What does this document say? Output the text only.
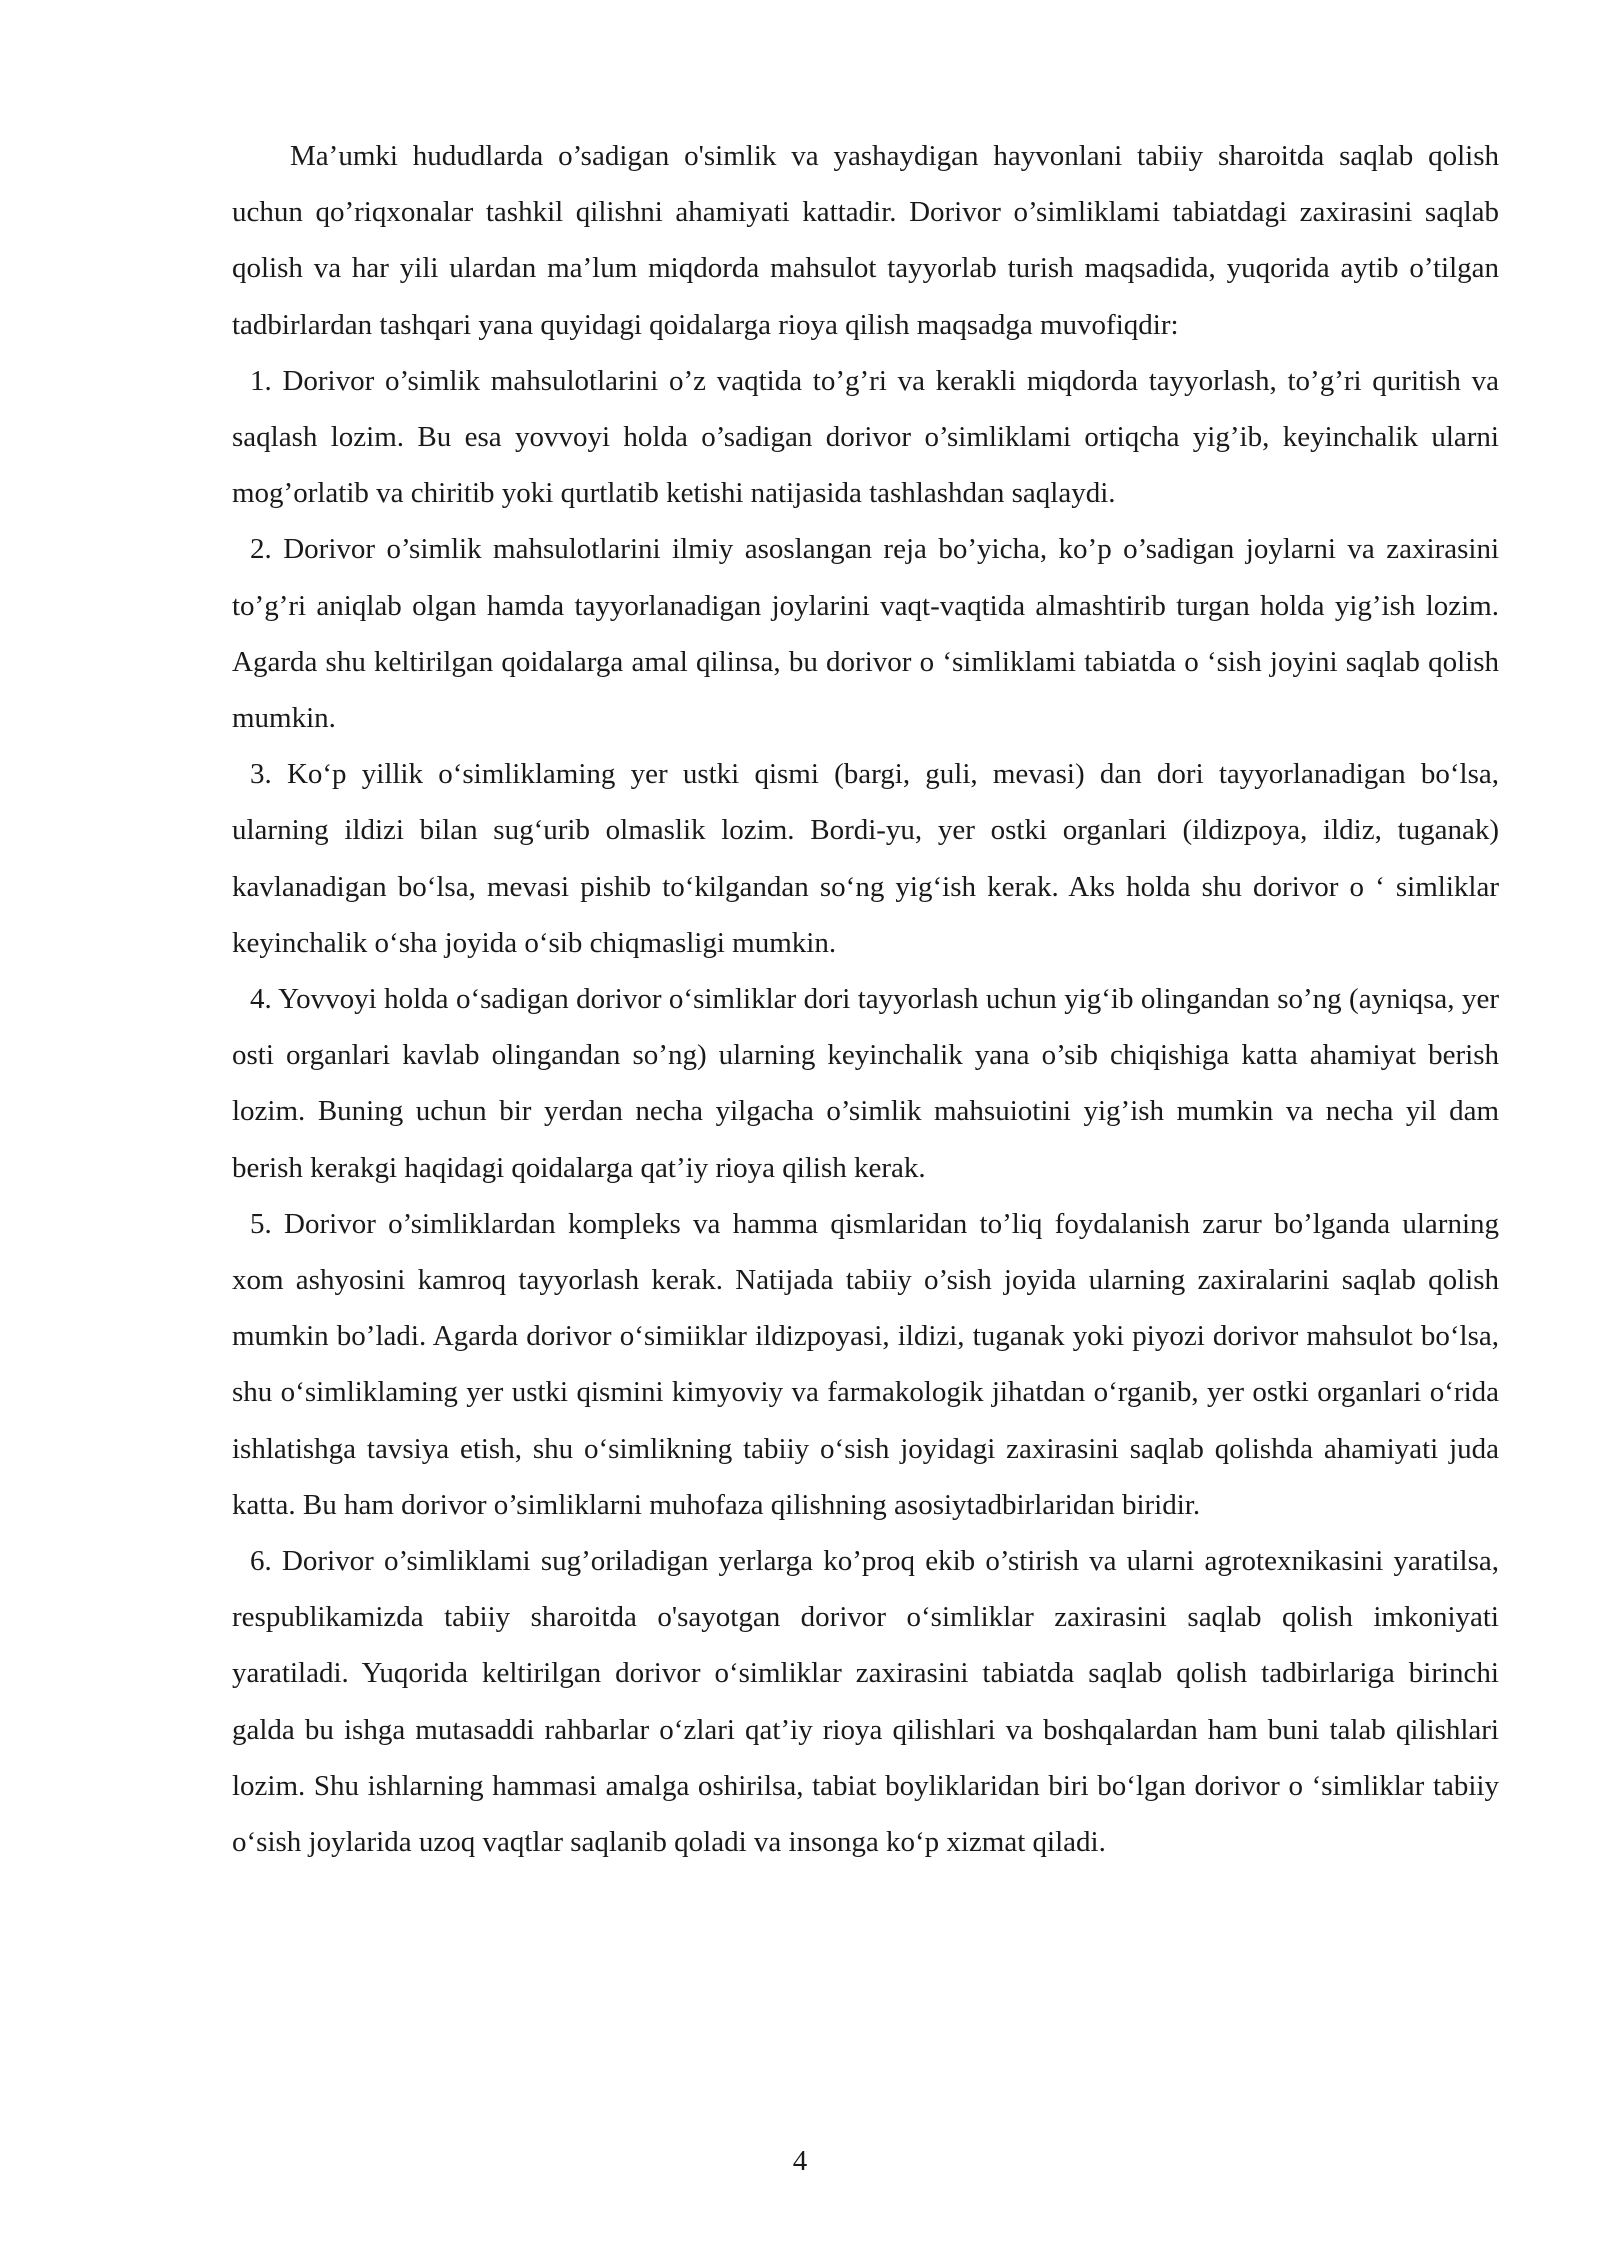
Ma’umki hududlarda o’sadigan o'simlik va yashaydigan hayvonlani tabiiy sharoitda saqlab qolish uchun qo’riqxonalar tashkil qilishni ahamiyati kattadir. Dorivor o’simliklami tabiatdagi zaxirasini saqlab qolish va har yili ulardan ma’lum miqdorda mahsulot tayyorlab turish maqsadida, yuqorida aytib o’tilgan tadbirlardan tashqari yana quyidagi qoidalarga rioya qilish maqsadga muvofiqdir:

1. Dorivor o’simlik mahsulotlarini o’z vaqtida to’g’ri va kerakli miqdorda tayyorlash, to’g’ri quritish va saqlash lozim. Bu esa yovvoyi holda o’sadigan dorivor o’simliklami ortiqcha yig’ib, keyinchalik ularni mog’orlatib va chiritib yoki qurtlatib ketishi natijasida tashlashdan saqlaydi.

2. Dorivor o’simlik mahsulotlarini ilmiy asoslangan reja bo’yicha, ko’p o’sadigan joylarni va zaxirasini to’g’ri aniqlab olgan hamda tayyorlanadigan joylarini vaqt-vaqtida almashtirib turgan holda yig’ish lozim. Agarda shu keltirilgan qoidalarga amal qilinsa, bu dorivor o ‘simliklami tabiatda o ‘sish joyini saqlab qolish mumkin.

3. Ko‘p yillik o‘simliklaming yer ustki qismi (bargi, guli, mevasi) dan dori tayyorlanadigan bo‘lsa, ularning ildizi bilan sug‘urib olmaslik lozim. Bordi-yu, yer ostki organlari (ildizpoya, ildiz, tuganak) kavlanadigan bo‘lsa, mevasi pishib to‘kilgandan so‘ng yig‘ish kerak. Aks holda shu dorivor o ‘ simliklar keyinchalik o‘sha joyida o‘sib chiqmasligi mumkin.

4. Yovvoyi holda o‘sadigan dorivor o‘simliklar dori tayyorlash uchun yig‘ib olingandan so’ng (ayniqsa, yer osti organlari kavlab olingandan so’ng) ularning keyinchalik yana o’sib chiqishiga katta ahamiyat berish lozim. Buning uchun bir yerdan necha yilgacha o’simlik mahsuiotini yig’ish mumkin va necha yil dam berish kerakgi haqidagi qoidalarga qat’iy rioya qilish kerak.

5. Dorivor o’simliklardan kompleks va hamma qismlaridan to’liq foydalanish zarur bo’lganda ularning xom ashyosini kamroq tayyorlash kerak. Natijada tabiiy o’sish joyida ularning zaxiralarini saqlab qolish mumkin bo’ladi. Agarda dorivor o‘simiiklar ildizpoyasi, ildizi, tuganak yoki piyozi dorivor mahsulot bo‘lsa, shu o‘simliklaming yer ustki qismini kimyoviy va farmakologik jihatdan o‘rganib, yer ostki organlari o‘rida ishlatishga tavsiya etish, shu o‘simlikning tabiiy o‘sish joyidagi zaxirasini saqlab qolishda ahamiyati juda katta. Bu ham dorivor o’simliklarni muhofaza qilishning asosiytadbirlaridan biridir.

6. Dorivor o’simliklami sug’oriladigan yerlarga ko’proq ekib o’stirish va ularni agrotexnikasini yaratilsa, respublikamizda tabiiy sharoitda o'sayotgan dorivor o‘simliklar zaxirasini saqlab qolish imkoniyati yaratiladi. Yuqorida keltirilgan dorivor o‘simliklar zaxirasini tabiatda saqlab qolish tadbirlariga birinchi galda bu ishga mutasaddi rahbarlar o‘zlari qat’iy rioya qilishlari va boshqalardan ham buni talab qilishlari lozim. Shu ishlarning hammasi amalga oshirilsa, tabiat boyliklaridan biri bo‘lgan dorivor o ‘simliklar tabiiy o‘sish joylarida uzoq vaqtlar saqlanib qoladi va insonga ko‘p xizmat qiladi.

4
